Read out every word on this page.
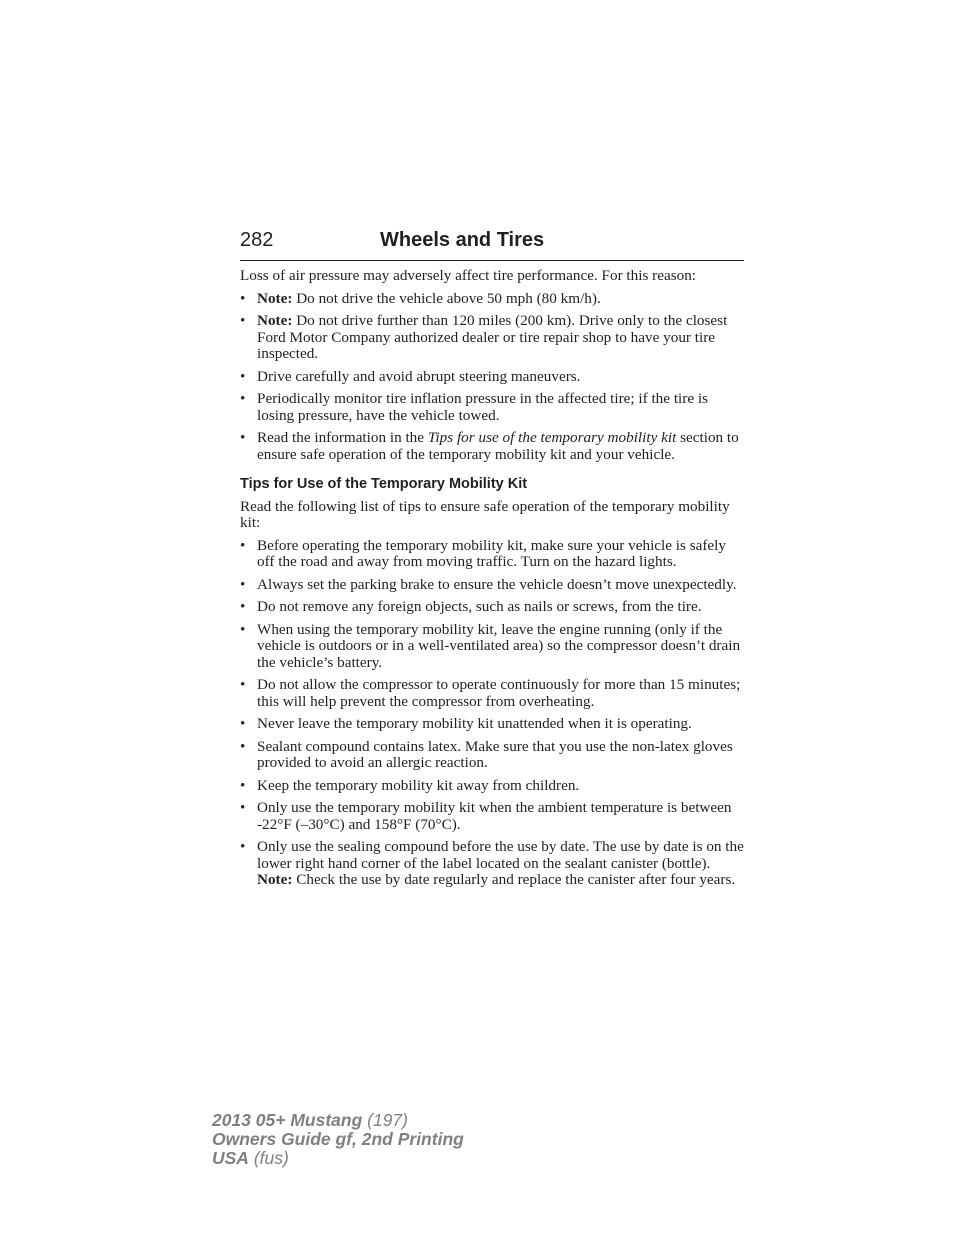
282	Wheels and Tires

Loss of air pressure may adversely affect tire performance. For this reason:

• Note: Do not drive the vehicle above 50 mph (80 km/h).
• Note: Do not drive further than 120 miles (200 km). Drive only to the closest Ford Motor Company authorized dealer or tire repair shop to have your tire inspected.
• Drive carefully and avoid abrupt steering maneuvers.
• Periodically monitor tire inflation pressure in the affected tire; if the tire is losing pressure, have the vehicle towed.
• Read the information in the Tips for use of the temporary mobility kit section to ensure safe operation of the temporary mobility kit and your vehicle.
Tips for Use of the Temporary Mobility Kit

Read the following list of tips to ensure safe operation of the temporary mobility kit:

• Before operating the temporary mobility kit, make sure your vehicle is safely off the road and away from moving traffic. Turn on the hazard lights.
• Always set the parking brake to ensure the vehicle doesn’t move unexpectedly.
• Do not remove any foreign objects, such as nails or screws, from the tire.
• When using the temporary mobility kit, leave the engine running (only if the vehicle is outdoors or in a well-ventilated area) so the compressor doesn’t drain the vehicle’s battery.
• Do not allow the compressor to operate continuously for more than 15 minutes; this will help prevent the compressor from overheating.
• Never leave the temporary mobility kit unattended when it is operating.
• Sealant compound contains latex. Make sure that you use the non-latex gloves provided to avoid an allergic reaction.
• Keep the temporary mobility kit away from children.
• Only use the temporary mobility kit when the ambient temperature is between -22°F (–30°C) and 158°F (70°C).
• Only use the sealing compound before the use by date. The use by date is on the lower right hand corner of the label located on the sealant canister (bottle). Note: Check the use by date regularly and replace the canister after four years.
2013 05+ Mustang (197)
Owners Guide gf, 2nd Printing
USA (fus)
